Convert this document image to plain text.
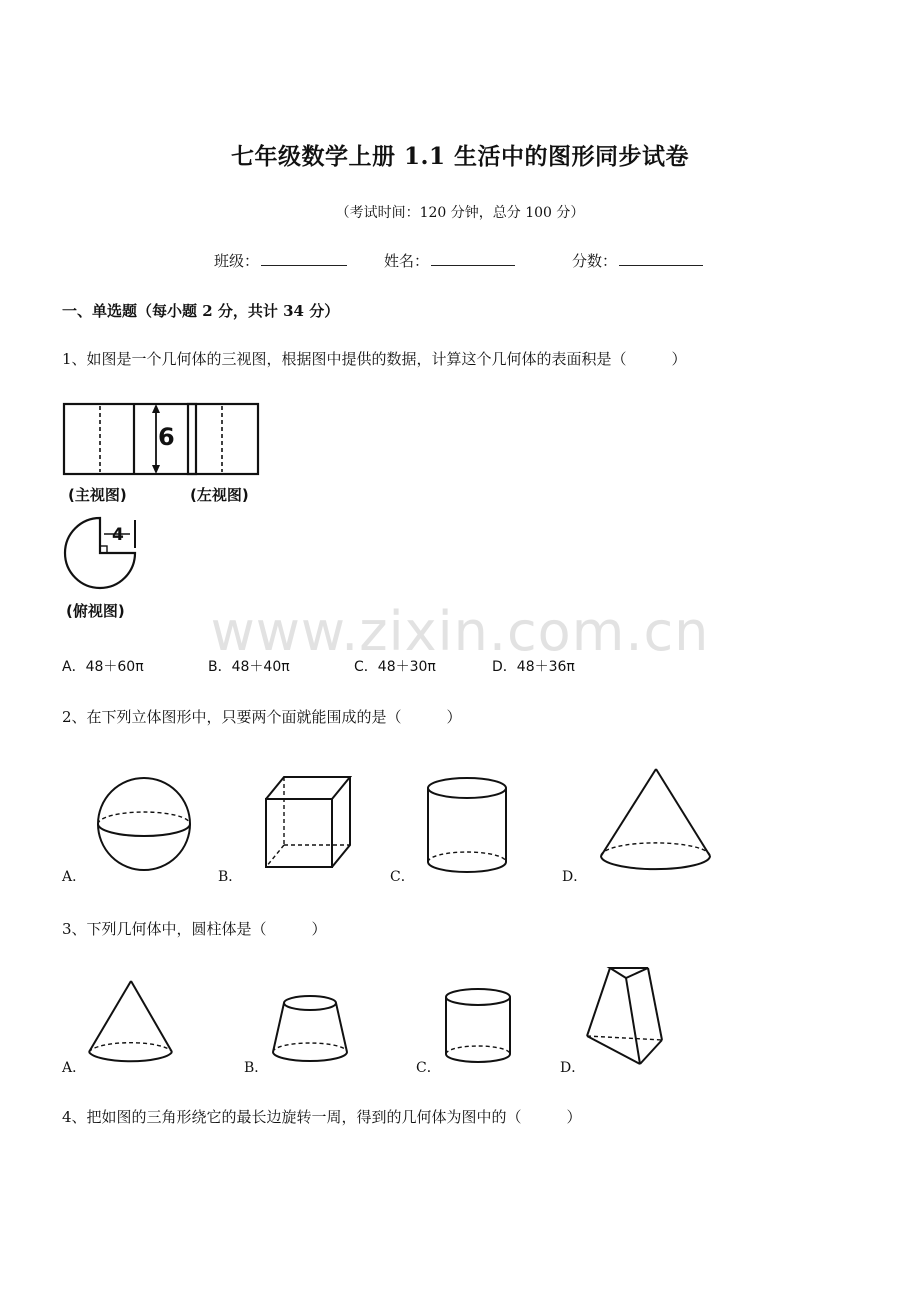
七年级数学上册 1.1 生活中的图形同步试卷
（考试时间：120 分钟，总分 100 分）
班级：	姓名：	分数：
一、单选题（每小题 2 分，共计 34 分）
www.zixin.com.cn
1、如图是一个几何体的三视图，根据图中提供的数据，计算这个几何体的表面积是（　　　）
6
(主视图)	(左视图)
4
(俯视图)
A．48＋60π	B．48＋40π	C．48＋30π	D．48＋36π
2、在下列立体图形中，只要两个面就能围成的是（　　　）
A．	B．	C．	D．
3、下列几何体中，圆柱体是（　　　）
A．	B．	C．	D．
4、把如图的三角形绕它的最长边旋转一周，得到的几何体为图中的（　　　）
